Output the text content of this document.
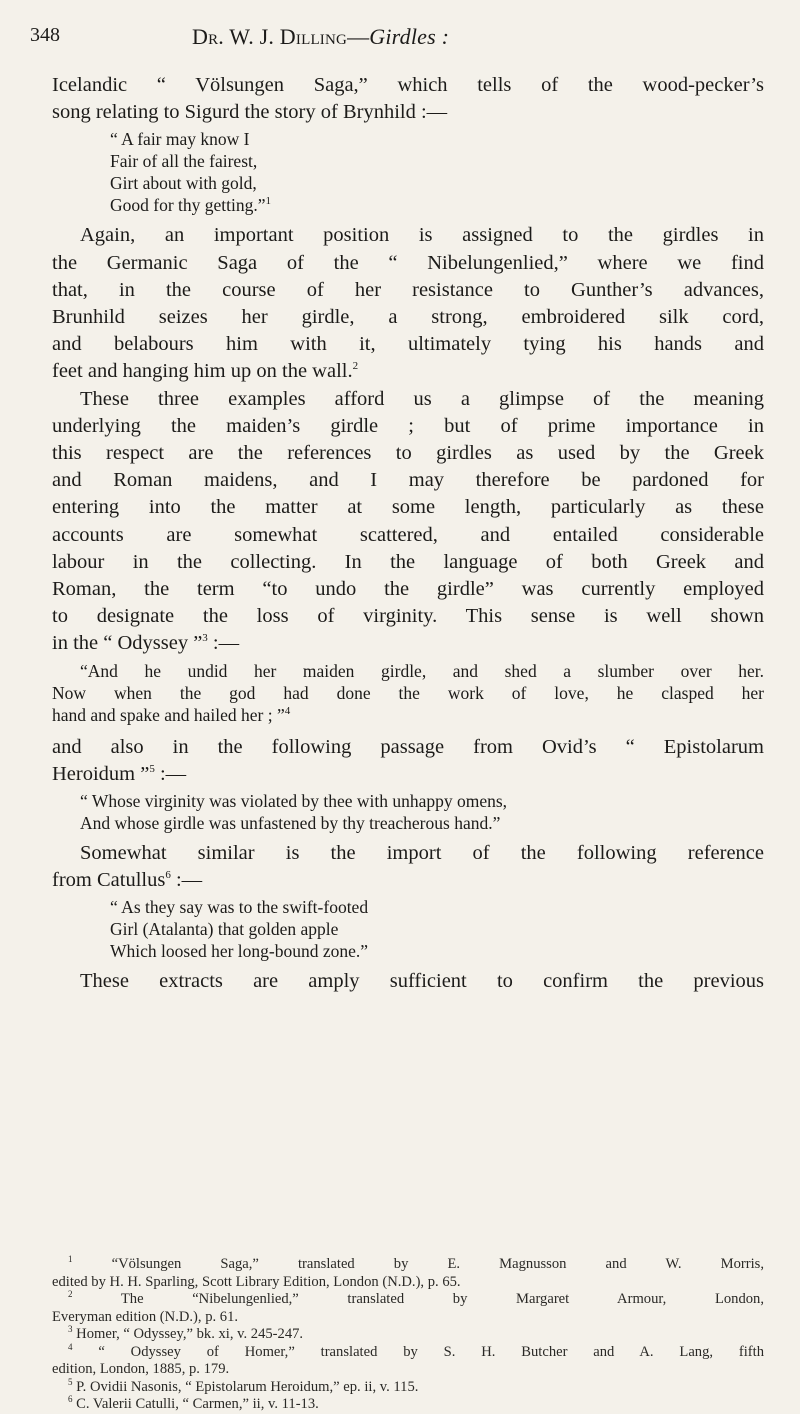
348	Dr. W. J. Dilling—Girdles :

Icelandic “ Völsungen Saga,” which tells of the wood-pecker’s
song relating to Sigurd the story of Brynhild :—

“ A fair may know I
Fair of all the fairest,
Girt about with gold,
Good for thy getting.”$^1$

Again, an important position is assigned to the girdles in
the Germanic Saga of the “ Nibelungenlied,” where we find
that, in the course of her resistance to Gunther’s advances,
Brunhild seizes her girdle, a strong, embroidered silk cord,
and belabours him with it, ultimately tying his hands and
feet and hanging him up on the wall.$^2$

These three examples afford us a glimpse of the meaning
underlying the maiden’s girdle ; but of prime importance in
this respect are the references to girdles as used by the Greek
and Roman maidens, and I may therefore be pardoned for
entering into the matter at some length, particularly as these
accounts are somewhat scattered, and entailed considerable
labour in the collecting. In the language of both Greek and
Roman, the term “to undo the girdle” was currently employed
to designate the loss of virginity. This sense is well shown
in the “ Odyssey ”$^3$ :—

“And he undid her maiden girdle, and shed a slumber over her.
Now when the god had done the work of love, he clasped her
hand and spake and hailed her ; ”$^4$

and also in the following passage from Ovid’s “ Epistolarum
Heroidum ”$^5$ :—

“ Whose virginity was violated by thee with unhappy omens,
And whose girdle was unfastened by thy treacherous hand.”

Somewhat similar is the import of the following reference
from Catullus$^6$ :—

“ As they say was to the swift-footed
Girl (Atalanta) that golden apple
Which loosed her long-bound zone.”

These extracts are amply sufficient to confirm the previous

$^1$	“Völsungen Saga,” translated by E. Magnusson and W. Morris,
edited by H. H. Sparling, Scott Library Edition, London (N.D.), p. 65.

$^2$	The “Nibelungenlied,” translated by Margaret Armour, London,
Everyman edition (N.D.), p. 61.

$^3$ Homer, “ Odyssey,” bk. xi, v. 245-247.

$^4$ “ Odyssey of Homer,” translated by S. H. Butcher and A. Lang, fifth
edition, London, 1885, p. 179.

$^5$ P. Ovidii Nasonis, “ Epistolarum Heroidum,” ep. ii, v. 115.

$^6$ C. Valerii Catulli, “ Carmen,” ii, v. 11-13.
